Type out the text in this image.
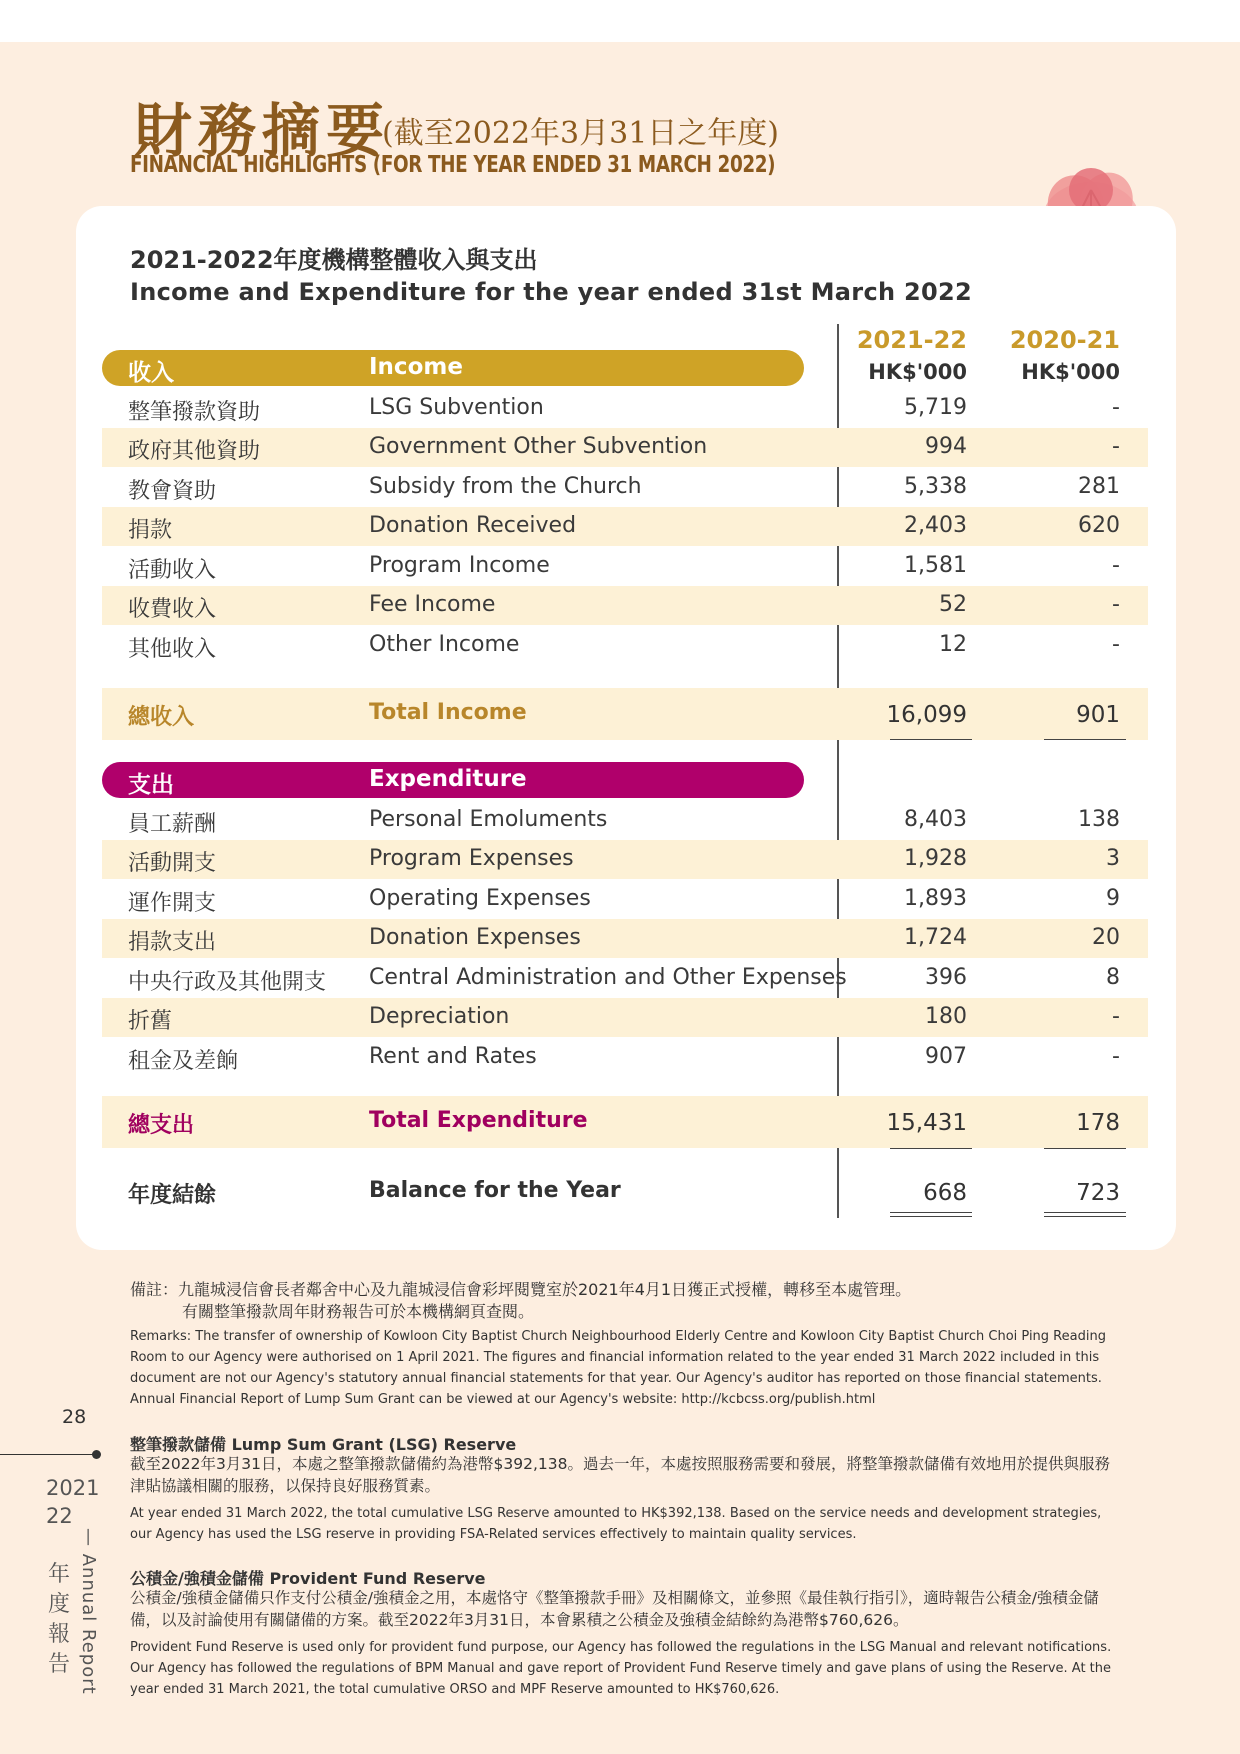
財務摘要
(截至2022年3月31日之年度)
FINANCIAL HIGHLIGHTS (FOR THE YEAR ENDED 31 MARCH 2022)
2021-2022年度機構整體收入與支出
Income and Expenditure for the year ended 31st March 2022
2021-22 2020-21
HK$'000	HK$'000
收入	Income
整筆撥款資助	LSG Subvention	5,719	-
政府其他資助	Government Other Subvention	994	-
教會資助	Subsidy from the Church	5,338	281
捐款	Donation Received	2,403	620
活動收入	Program Income	1,581	-
收費收入	Fee Income	52	-
其他收入	Other Income	12	-
總收入	Total Income	16,099	901
支出	Expenditure
員工薪酬	Personal Emoluments	8,403	138
活動開支	Program Expenses	1,928	3
運作開支	Operating Expenses	1,893	9
捐款支出	Donation Expenses	1,724	20
中央行政及其他開支 Central Administration and Other Expenses	396	8
折舊	Depreciation	180	-
租金及差餉	Rent and Rates	907	-
總支出	Total Expenditure	15,431	178
年度結餘	Balance for the Year	668	723
備註：九龍城浸信會長者鄰舍中心及九龍城浸信會彩坪閱覽室於2021年4月1日獲正式授權，轉移至本處管理。
有關整筆撥款周年財務報告可於本機構網頁查閱。
Remarks: The transfer of ownership of Kowloon City Baptist Church Neighbourhood Elderly Centre and Kowloon City Baptist Church Choi Ping Reading Room to our Agency were authorised on 1 April 2021. The figures and financial information related to the year ended 31 March 2022 included in this document are not our Agency's statutory annual financial statements for that year. Our Agency's auditor has reported on those financial statements. Annual Financial Report of Lump Sum Grant can be viewed at our Agency's website: http://kcbcss.org/publish.html
整筆撥款儲備 Lump Sum Grant (LSG) Reserve
截至2022年3月31日，本處之整筆撥款儲備約為港幣$392,138。過去一年，本處按照服務需要和發展，將整筆撥款儲備有效地用於提供與服務津貼協議相關的服務，以保持良好服務質素。
At year ended 31 March 2022, the total cumulative LSG Reserve amounted to HK$392,138. Based on the service needs and development strategies, our Agency has used the LSG reserve in providing FSA-Related services effectively to maintain quality services.
公積金/強積金儲備 Provident Fund Reserve
公積金/強積金儲備只作支付公積金/強積金之用，本處恪守《整筆撥款手冊》及相關條文，並參照《最佳執行指引》，適時報告公積金/強積金儲備，以及討論使用有關儲備的方案。截至2022年3月31日，本會累積之公積金及強積金結餘約為港幣$760,626。
Provident Fund Reserve is used only for provident fund purpose, our Agency has followed the regulations in the LSG Manual and relevant notifications. Our Agency has followed the regulations of BPM Manual and gave report of Provident Fund Reserve timely and gave plans of using the Reserve. At the year ended 31 March 2021, the total cumulative ORSO and MPF Reserve amounted to HK$760,626.
28
2021
22
— Annual Report
年度報告
